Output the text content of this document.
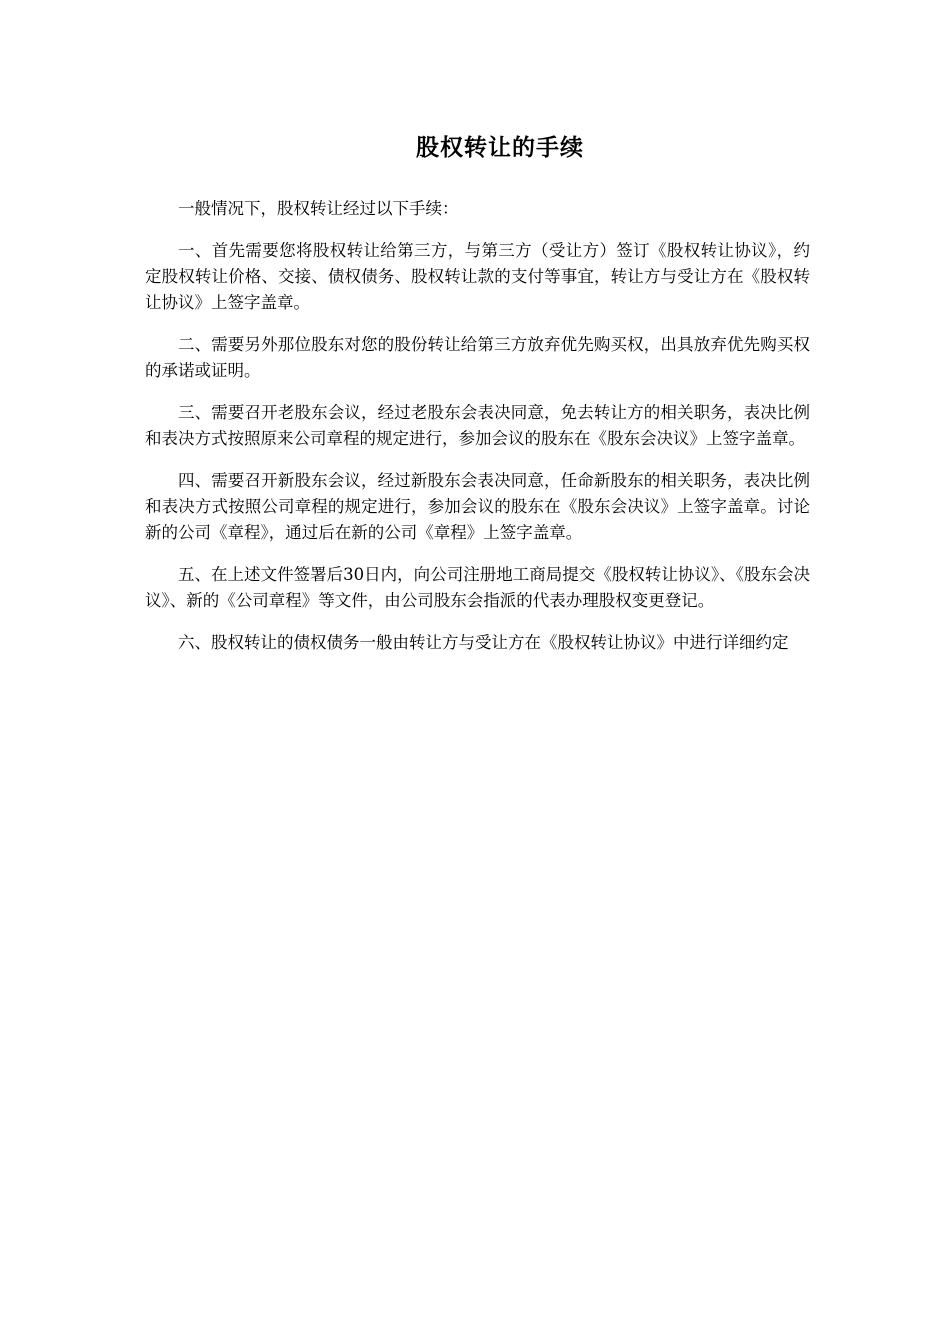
股权转让的手续

一般情况下，股权转让经过以下手续：

一、首先需要您将股权转让给第三方，与第三方（受让方）签订《股权转让协议》，约定股权转让价格、交接、债权债务、股权转让款的支付等事宜，转让方与受让方在《股权转让协议》上签字盖章。

二、需要另外那位股东对您的股份转让给第三方放弃优先购买权，出具放弃优先购买权的承诺或证明。

三、需要召开老股东会议，经过老股东会表决同意，免去转让方的相关职务，表决比例和表决方式按照原来公司章程的规定进行，参加会议的股东在《股东会决议》上签字盖章。

四、需要召开新股东会议，经过新股东会表决同意，任命新股东的相关职务，表决比例和表决方式按照公司章程的规定进行，参加会议的股东在《股东会决议》上签字盖章。讨论新的公司《章程》，通过后在新的公司《章程》上签字盖章。

五、在上述文件签署后30日内，向公司注册地工商局提交《股权转让协议》、《股东会决议》、新的《公司章程》等文件，由公司股东会指派的代表办理股权变更登记。

六、股权转让的债权债务一般由转让方与受让方在《股权转让协议》中进行详细约定
